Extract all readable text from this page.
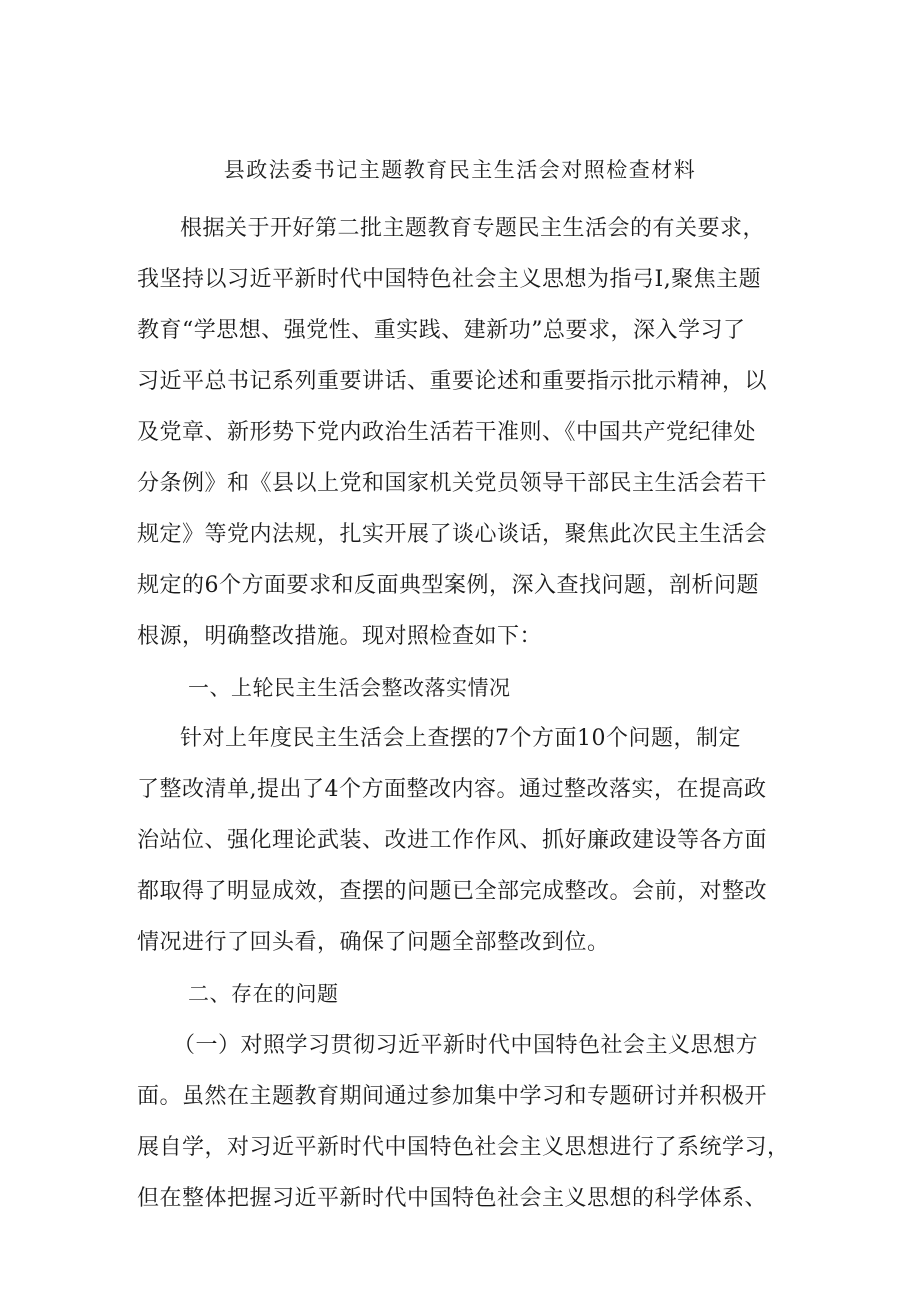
县政法委书记主题教育民主生活会对照检查材料
根据关于开好第二批主题教育专题民主生活会的有关要求，
我坚持以习近平新时代中国特色社会主义思想为指弓I,聚焦主题
教育“学思想、强党性、重实践、建新功”总要求，深入学习了
习近平总书记系列重要讲话、重要论述和重要指示批示精神，以
及党章、新形势下党内政治生活若干准则、《中国共产党纪律处
分条例》和《县以上党和国家机关党员领导干部民主生活会若干
规定》等党内法规，扎实开展了谈心谈话，聚焦此次民主生活会
规定的6个方面要求和反面典型案例，深入查找问题，剖析问题
根源，明确整改措施。现对照检查如下：
一、上轮民主生活会整改落实情况
针对上年度民主生活会上查摆的7个方面10个问题，制定
了整改清单,提出了4个方面整改内容。通过整改落实，在提高政
治站位、强化理论武装、改进工作作风、抓好廉政建设等各方面
都取得了明显成效，查摆的问题已全部完成整改。会前，对整改
情况进行了回头看，确保了问题全部整改到位。
二、存在的问题
（一）对照学习贯彻习近平新时代中国特色社会主义思想方
面。虽然在主题教育期间通过参加集中学习和专题研讨并积极开
展自学，对习近平新时代中国特色社会主义思想进行了系统学习，
但在整体把握习近平新时代中国特色社会主义思想的科学体系、
